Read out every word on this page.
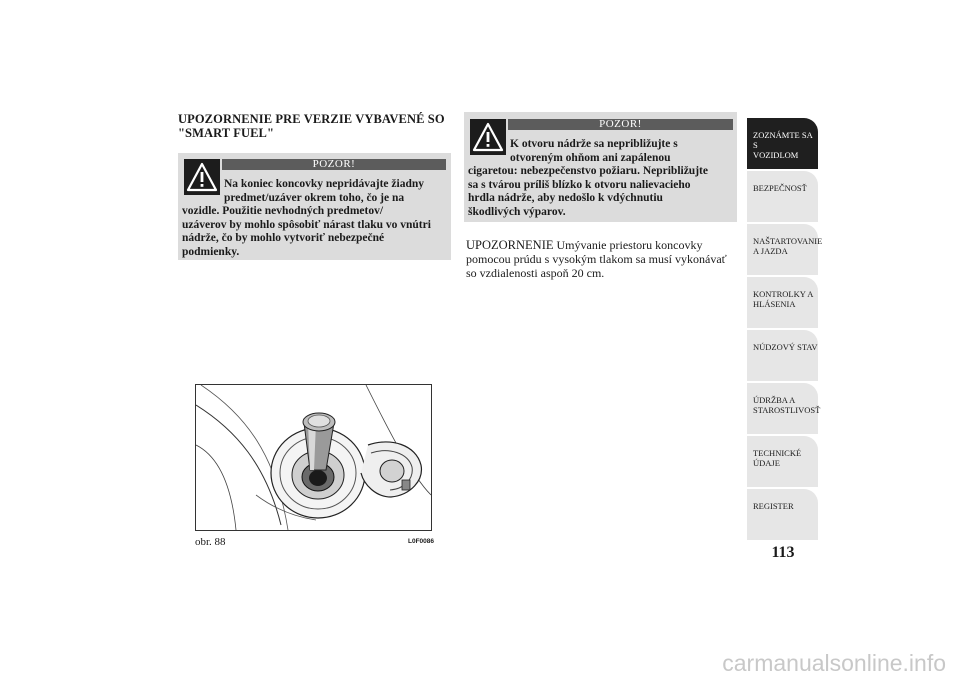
UPOZORNENIE PRE VERZIE VYBAVENÉ SO
"SMART FUEL"
POZOR!
Na koniec koncovky nepridávajte žiadny
predmet/uzáver okrem toho, čo je na
vozidle. Použitie nevhodných predmetov/
uzáverov by mohlo spôsobiť nárast tlaku vo vnútri
nádrže, čo by mohlo vytvoriť nebezpečné
podmienky.
POZOR!
K otvoru nádrže sa nepribližujte s
otvoreným ohňom ani zapálenou
cigaretou: nebezpečenstvo požiaru. Nepribližujte
sa s tvárou príliš blízko k otvoru nalievacieho
hrdla nádrže, aby nedošlo k vdýchnutiu
škodlivých výparov.
UPOZORNENIE Umývanie priestoru koncovky
pomocou prúdu s vysokým tlakom sa musí vykonávať
so vzdialenosti aspoň 20 cm.
obr. 88	L0F0086
ZOZNÁMTE SA S
VOZIDLOM
BEZPEČNOSŤ
NAŠTARTOVANIE
A JAZDA
KONTROLKY A
HLÁSENIA
NÚDZOVÝ STAV
ÚDRŽBA A
STAROSTLIVOSŤ
TECHNICKÉ
ÚDAJE
REGISTER
113
carmanualsonline.info
